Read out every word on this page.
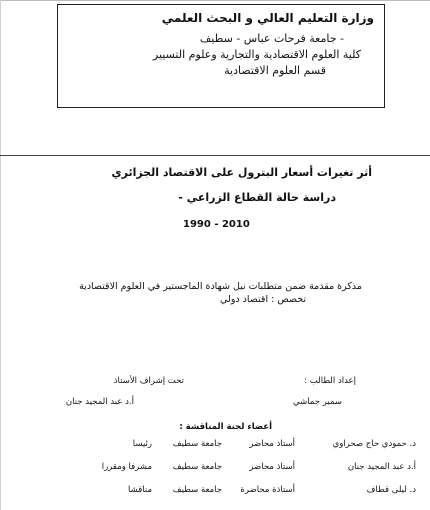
وزارة التعليم العالي و البحث العلمي
- جامعة فرحات عباس - سطيف
كلية العلوم الاقتصادية والتجارية وعلوم التسيير
قسم العلوم الاقتصادية
أثر تغيرات أسعار البترول على الاقتصاد الجزائري
دراسة حالة القطاع الزراعي -
1990 - 2010
مذكرة مقدمة ضمن متطلبات نيل شهادة الماجستير في العلوم الاقتصادية
تخصص : اقتصاد دولي
إعداد الطالب :
تحت إشراف الأستاذ
سمير جماشي
أ.د عبد المجيد جنان
أعضاء لجنة المناقشة :
د. حمودي حاج صحراوي
أستاذ محاضر
جامعة سطيف
رئيسا
أ.د عبد المجيد جنان
أستاذ محاضر
جامعة سطيف
مشرفا ومقررا
د. ليلى قطاف
أستاذة محاضرة
جامعة سطيف
مناقشا
